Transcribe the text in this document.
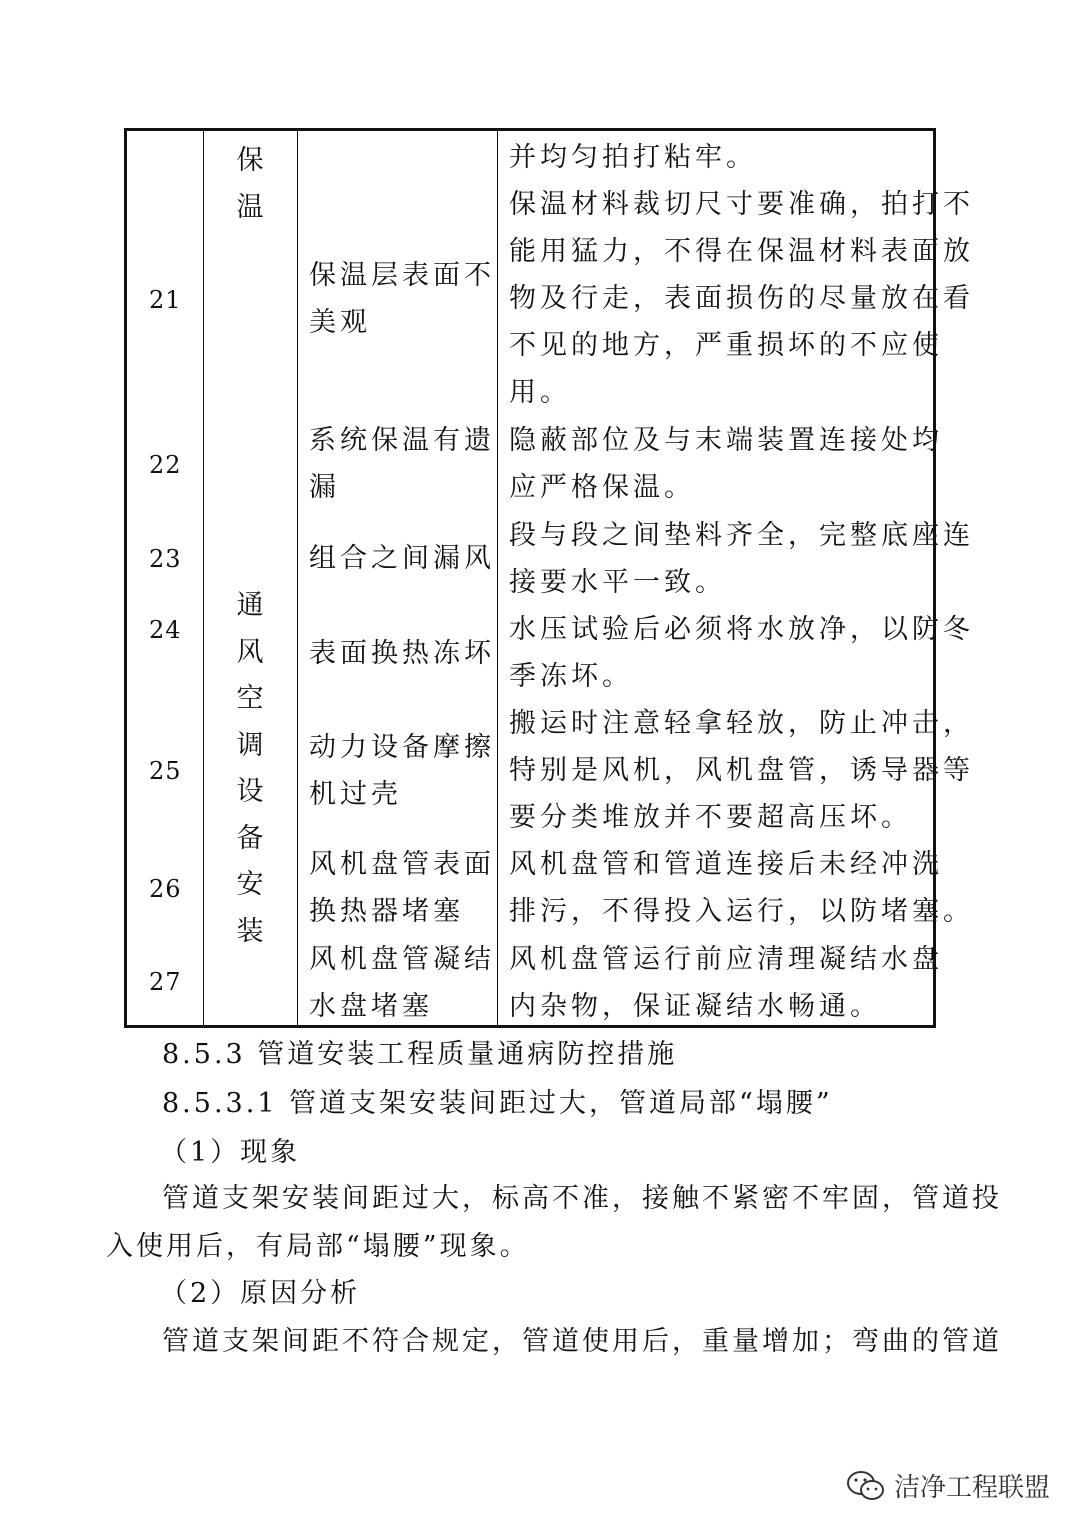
保
温
通
风
空
调
设
备
安
装
21
22
23
24
25
26
27
保温层表面不
美观
系统保温有遗
漏
组合之间漏风
表面换热冻坏
动力设备摩擦
机过壳
风机盘管表面
换热器堵塞
风机盘管凝结
水盘堵塞
并均匀拍打粘牢。
保温材料裁切尺寸要准确，拍打不
能用猛力，不得在保温材料表面放
物及行走，表面损伤的尽量放在看
不见的地方，严重损坏的不应使
用。
隐蔽部位及与末端装置连接处均
应严格保温。
段与段之间垫料齐全，完整底座连
接要水平一致。
水压试验后必须将水放净，以防冬
季冻坏。
搬运时注意轻拿轻放，防止冲击，
特别是风机，风机盘管，诱导器等
要分类堆放并不要超高压坏。
风机盘管和管道连接后未经冲洗
排污，不得投入运行，以防堵塞。
风机盘管运行前应清理凝结水盘
内杂物，保证凝结水畅通。
8.5.3 管道安装工程质量通病防控措施
8.5.3.1 管道支架安装间距过大，管道局部“塌腰”
（1）现象
管道支架安装间距过大，标高不准，接触不紧密不牢固，管道投
入使用后，有局部“塌腰”现象。
（2）原因分析
管道支架间距不符合规定，管道使用后，重量增加；弯曲的管道
洁净工程联盟
